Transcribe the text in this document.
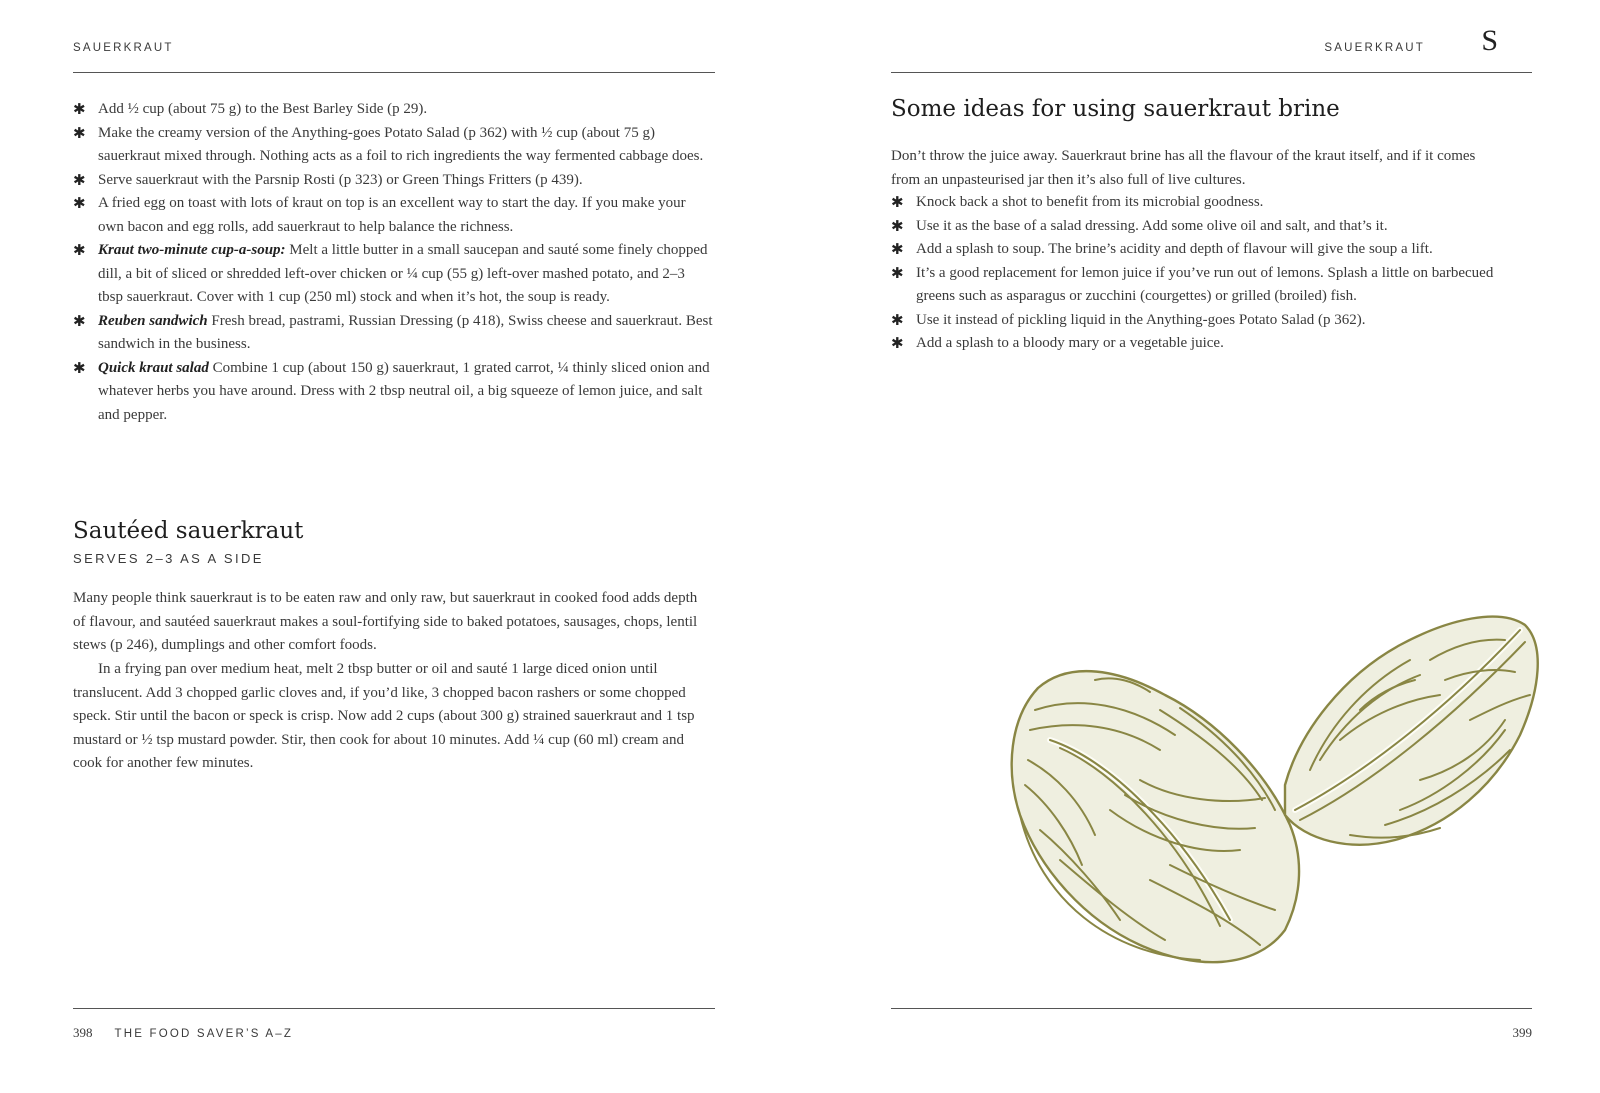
SAUERKRAUT
✱ Add ½ cup (about 75 g) to the Best Barley Side (p 29).
✱ Make the creamy version of the Anything-goes Potato Salad (p 362) with ½ cup (about 75 g) sauerkraut mixed through. Nothing acts as a foil to rich ingredients the way fermented cabbage does.
✱ Serve sauerkraut with the Parsnip Rosti (p 323) or Green Things Fritters (p 439).
✱ A fried egg on toast with lots of kraut on top is an excellent way to start the day. If you make your own bacon and egg rolls, add sauerkraut to help balance the richness.
✱ Kraut two-minute cup-a-soup: Melt a little butter in a small saucepan and sauté some finely chopped dill, a bit of sliced or shredded left-over chicken or ¼ cup (55 g) left-over mashed potato, and 2–3 tbsp sauerkraut. Cover with 1 cup (250 ml) stock and when it’s hot, the soup is ready.
✱ Reuben sandwich Fresh bread, pastrami, Russian Dressing (p 418), Swiss cheese and sauerkraut. Best sandwich in the business.
✱ Quick kraut salad Combine 1 cup (about 150 g) sauerkraut, 1 grated carrot, ¼ thinly sliced onion and whatever herbs you have around. Dress with 2 tbsp neutral oil, a big squeeze of lemon juice, and salt and pepper.
Sautéed sauerkraut
SERVES 2–3 AS A SIDE

Many people think sauerkraut is to be eaten raw and only raw, but sauerkraut in cooked food adds depth of flavour, and sautéed sauerkraut makes a soul-fortifying side to baked potatoes, sausages, chops, lentil stews (p 246), dumplings and other comfort foods.

In a frying pan over medium heat, melt 2 tbsp butter or oil and sauté 1 large diced onion until translucent. Add 3 chopped garlic cloves and, if you’d like, 3 chopped bacon rashers or some chopped speck. Stir until the bacon or speck is crisp. Now add 2 cups (about 300 g) strained sauerkraut and 1 tsp mustard or ½ tsp mustard powder. Stir, then cook for about 10 minutes. Add ¼ cup (60 ml) cream and cook for another few minutes.

398 THE FOOD SAVER’S A–Z
SAUERKRAUT S
Some ideas for using sauerkraut brine

Don’t throw the juice away. Sauerkraut brine has all the flavour of the kraut itself, and if it comes from an unpasteurised jar then it’s also full of live cultures.

✱ Knock back a shot to benefit from its microbial goodness.
✱ Use it as the base of a salad dressing. Add some olive oil and salt, and that’s it.
✱ Add a splash to soup. The brine’s acidity and depth of flavour will give the soup a lift.
✱ It’s a good replacement for lemon juice if you’ve run out of lemons. Splash a little on barbecued greens such as asparagus or zucchini (courgettes) or grilled (broiled) fish.
✱ Use it instead of pickling liquid in the Anything-goes Potato Salad (p 362).
✱ Add a splash to a bloody mary or a vegetable juice.
399
